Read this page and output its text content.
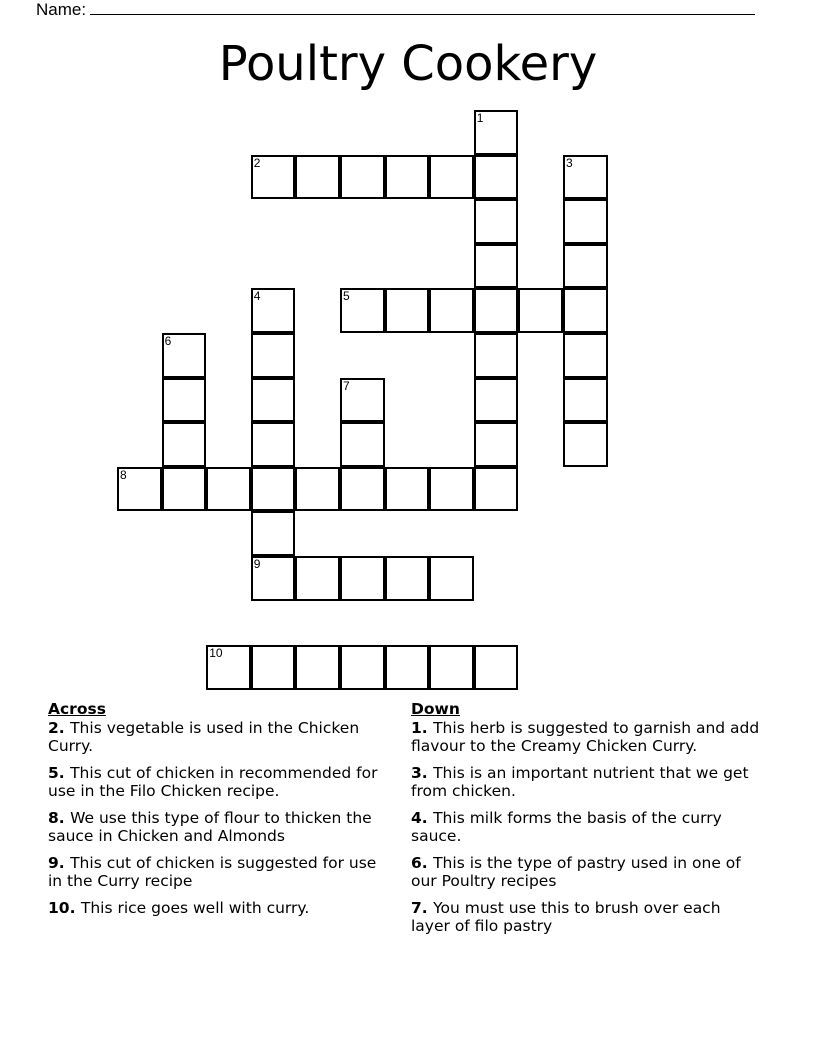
Name:
Poultry Cookery
1
2	3
4	5
6
7
8
9
10
Across
2. This vegetable is used in the Chicken Curry.
5. This cut of chicken in recommended for use in the Filo Chicken recipe.
8. We use this type of flour to thicken the sauce in Chicken and Almonds
9. This cut of chicken is suggested for use in the Curry recipe
10. This rice goes well with curry.
Down
1. This herb is suggested to garnish and add flavour to the Creamy Chicken Curry.
3. This is an important nutrient that we get from chicken.
4. This milk forms the basis of the curry sauce.
6. This is the type of pastry used in one of our Poultry recipes
7. You must use this to brush over each layer of filo pastry
